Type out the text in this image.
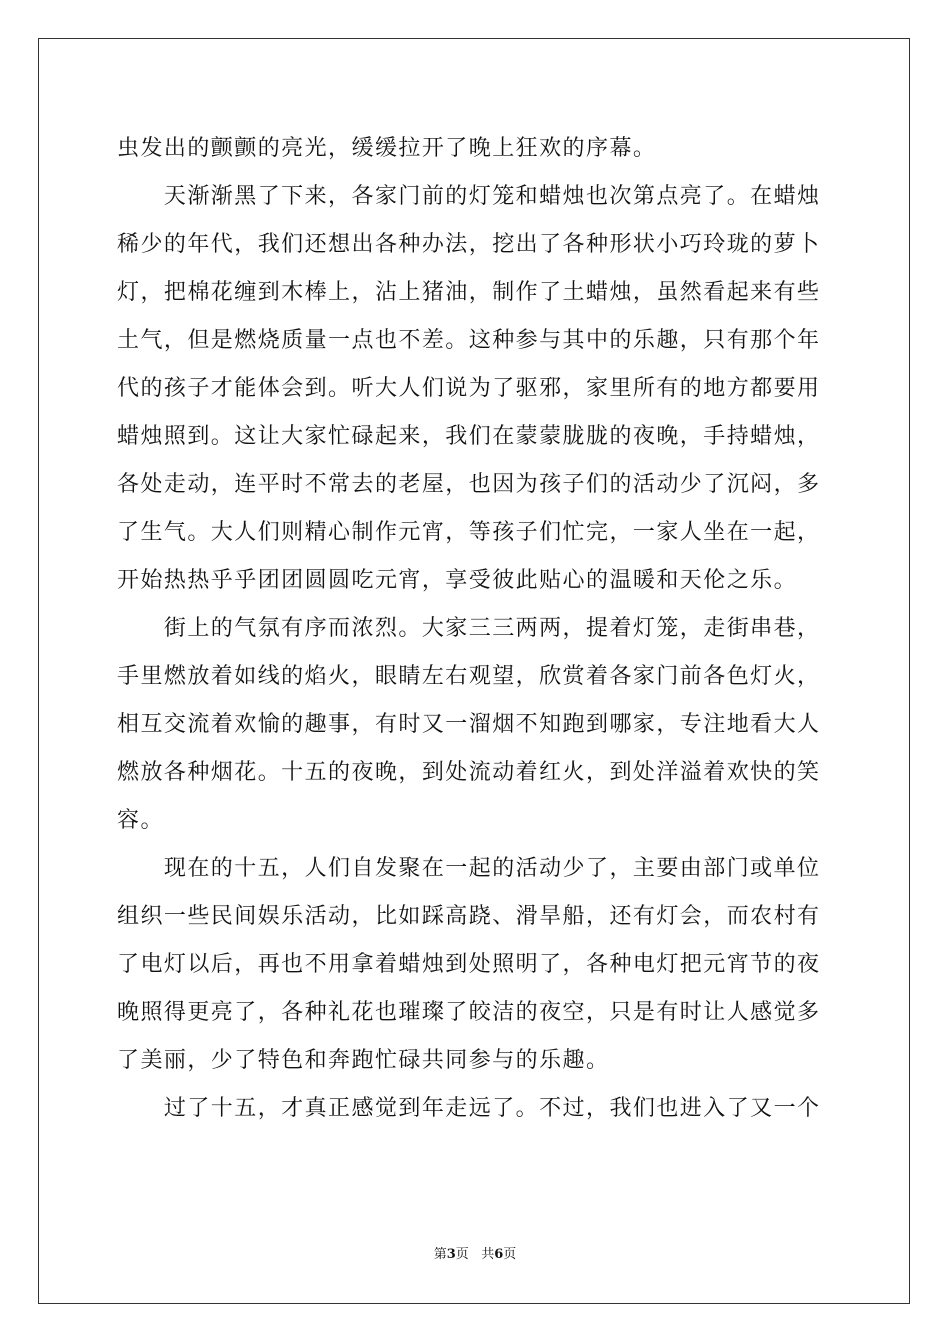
虫发出的颤颤的亮光，缓缓拉开了晚上狂欢的序幕。
　　天渐渐黑了下来，各家门前的灯笼和蜡烛也次第点亮了。在蜡烛
稀少的年代，我们还想出各种办法，挖出了各种形状小巧玲珑的萝卜
灯，把棉花缠到木棒上，沾上猪油，制作了土蜡烛，虽然看起来有些
土气，但是燃烧质量一点也不差。这种参与其中的乐趣，只有那个年
代的孩子才能体会到。听大人们说为了驱邪，家里所有的地方都要用
蜡烛照到。这让大家忙碌起来，我们在蒙蒙胧胧的夜晚，手持蜡烛，
各处走动，连平时不常去的老屋，也因为孩子们的活动少了沉闷，多
了生气。大人们则精心制作元宵，等孩子们忙完，一家人坐在一起，
开始热热乎乎团团圆圆吃元宵，享受彼此贴心的温暖和天伦之乐。
　　街上的气氛有序而浓烈。大家三三两两，提着灯笼，走街串巷，
手里燃放着如线的焰火，眼睛左右观望，欣赏着各家门前各色灯火，
相互交流着欢愉的趣事，有时又一溜烟不知跑到哪家，专注地看大人
燃放各种烟花。十五的夜晚，到处流动着红火，到处洋溢着欢快的笑
容。
　　现在的十五，人们自发聚在一起的活动少了，主要由部门或单位
组织一些民间娱乐活动，比如踩高跷、滑旱船，还有灯会，而农村有
了电灯以后，再也不用拿着蜡烛到处照明了，各种电灯把元宵节的夜
晚照得更亮了，各种礼花也璀璨了皎洁的夜空，只是有时让人感觉多
了美丽，少了特色和奔跑忙碌共同参与的乐趣。
　　过了十五，才真正感觉到年走远了。不过，我们也进入了又一个
第3页 共6页
